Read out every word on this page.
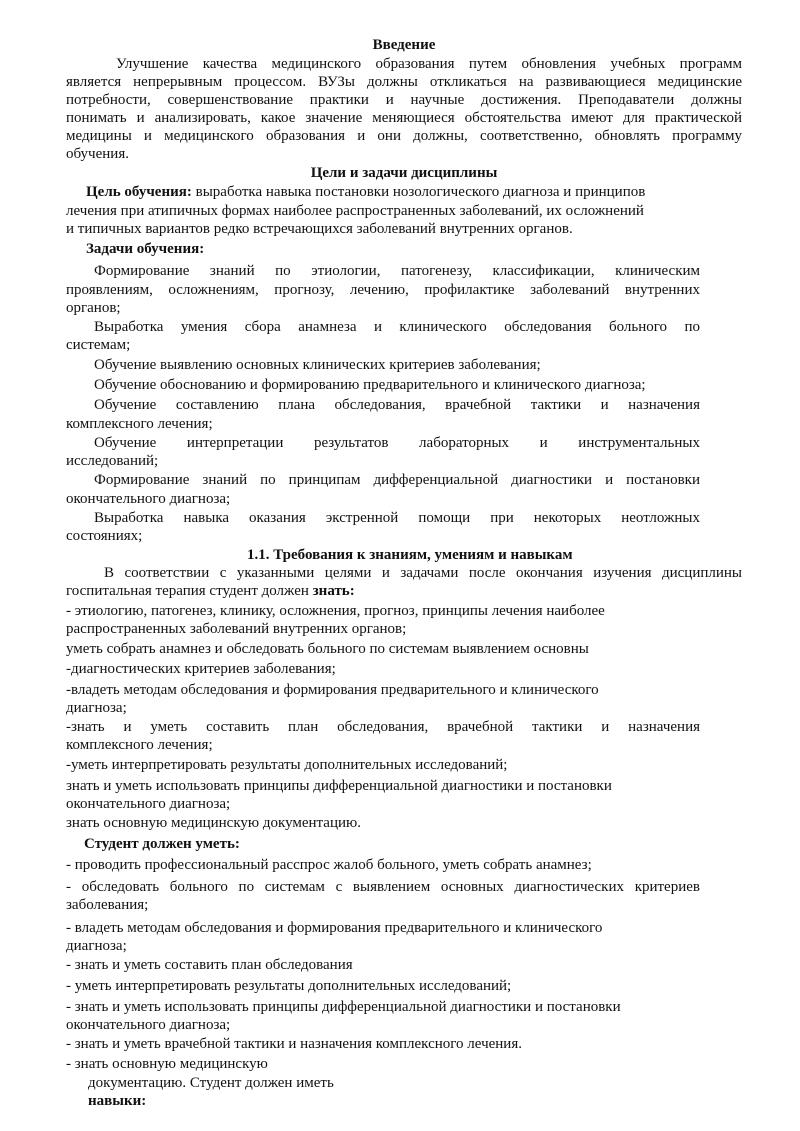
Введение
Улучшение качества медицинского образования путем обновления учебных программ
является непрерывным процессом. ВУЗы должны откликаться на развивающиеся медицинские
потребности, совершенствование практики и научные достижения. Преподаватели должны
понимать и анализировать, какое значение меняющиеся обстоятельства имеют для практической
медицины и медицинского образования и они должны, соответственно, обновлять программу
обучения.
Цели и задачи дисциплины
Цель обучения: выработка навыка постановки нозологического диагноза и принципов
лечения при атипичных формах наиболее распространенных заболеваний, их осложнений
и типичных вариантов редко встречающихся заболеваний внутренних органов.
Задачи обучения:
Формирование знаний по этиологии, патогенезу, классификации, клиническим
проявлениям, осложнениям, прогнозу, лечению, профилактике заболеваний внутренних
органов;
Выработка умения сбора анамнеза и клинического обследования больного по
системам;
Обучение выявлению основных клинических критериев заболевания;
Обучение обоснованию и формированию предварительного и клинического диагноза;
Обучение составлению плана обследования, врачебной тактики и назначения
комплексного лечения;
Обучение интерпретации результатов лабораторных и инструментальных
исследований;
Формирование знаний по принципам дифференциальной диагностики и постановки
окончательного диагноза;
Выработка навыка оказания экстренной помощи при некоторых неотложных
состояниях;
1.1. Требования к знаниям, умениям и навыкам
В соответствии с указанными целями и задачами после окончания изучения дисциплины
госпитальная терапия студент должен знать:
- этиологию, патогенез, клинику, осложнения, прогноз, принципы лечения наиболее
распространенных заболеваний внутренних органов;
уметь собрать анамнез и обследовать больного по системам выявлением основны
-диагностических критериев заболевания;
-владеть методам обследования и формирования предварительного и клинического
диагноза;
-знать и уметь составить план обследования, врачебной тактики и назначения
комплексного лечения;
-уметь интерпретировать результаты дополнительных исследований;
знать и уметь использовать принципы дифференциальной диагностики и постановки
окончательного диагноза;
знать основную медицинскую документацию.
Студент должен уметь:
- проводить профессиональный расспрос жалоб больного, уметь собрать анамнез;
- обследовать больного по системам с выявлением основных диагностических критериев
заболевания;
- владеть методам обследования и формирования предварительного и клинического
диагноза;
- знать и уметь составить план обследования
- уметь интерпретировать результаты дополнительных исследований;
- знать и уметь использовать принципы дифференциальной диагностики и постановки
окончательного диагноза;
- знать и уметь врачебной тактики и назначения комплексного лечения.
- знать основную медицинскую
документацию. Студент должен иметь
навыки:
